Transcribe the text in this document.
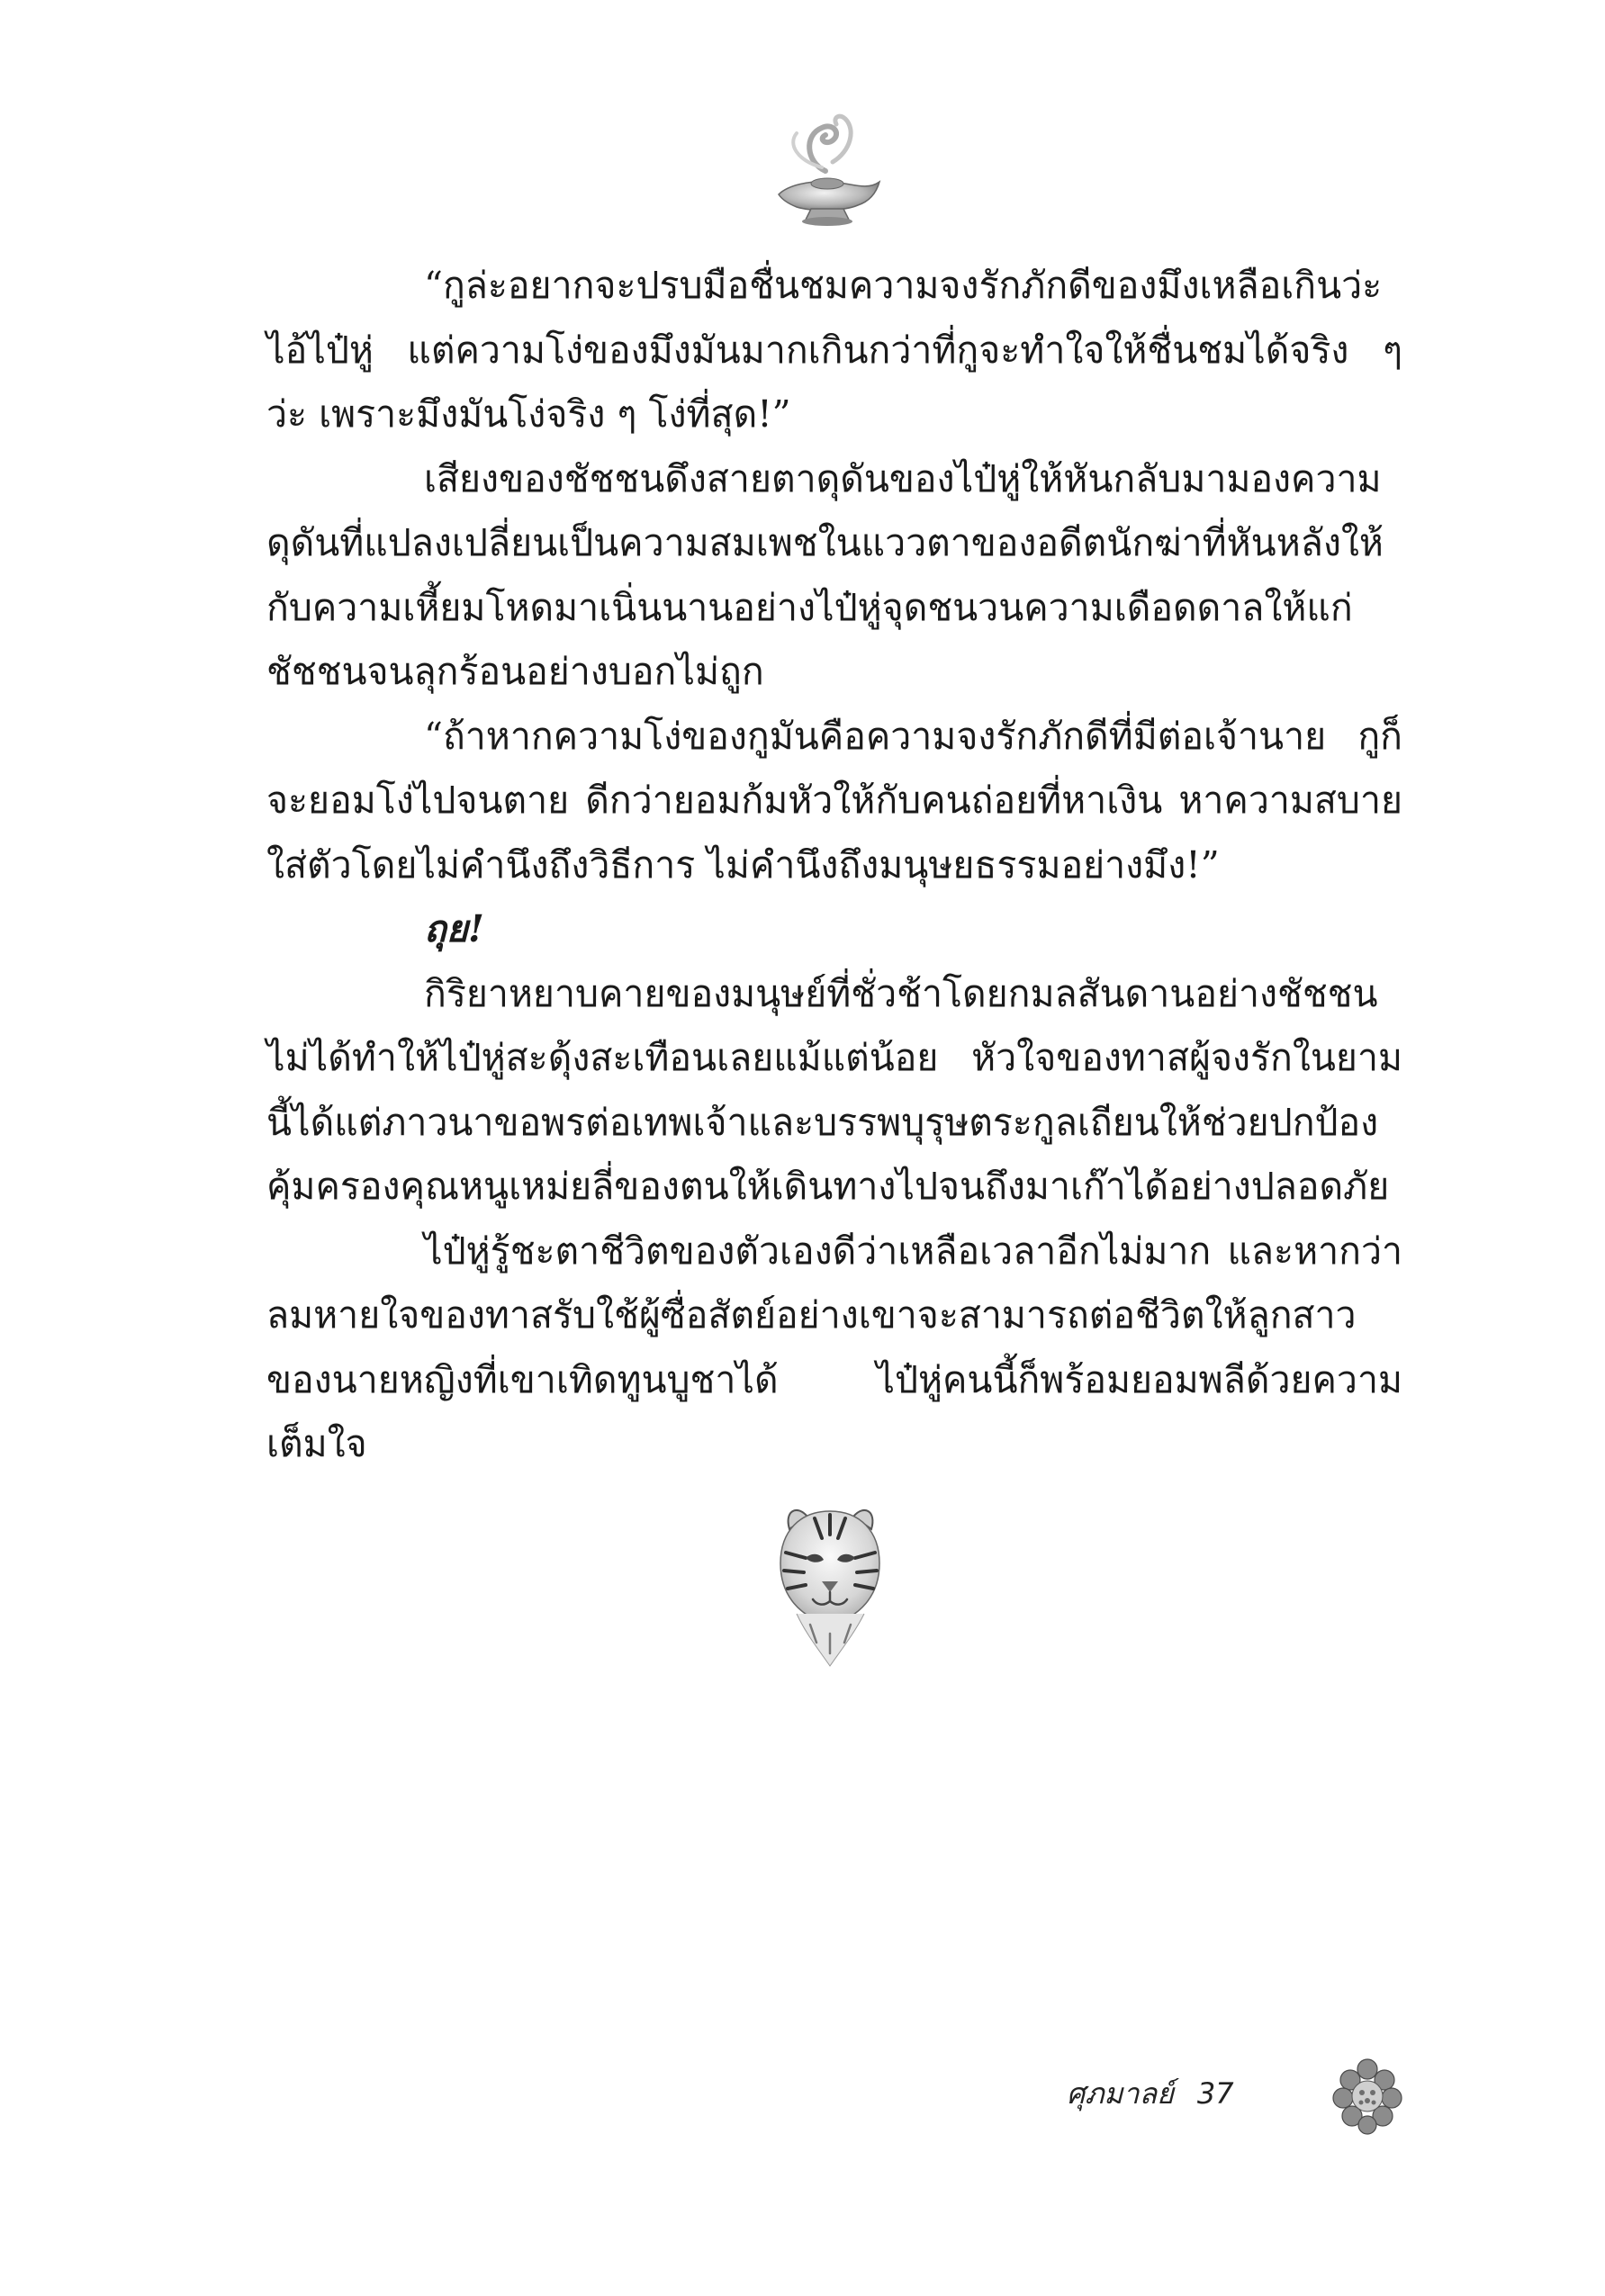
“กูล่ะอยากจะปรบมือชื่นชมความจงรักภักดีของมึงเหลือเกินว่ะไอ้ไป๋หู่ แต่ความโง่ของมึงมันมากเกินกว่าที่กูจะทำใจให้ชื่นชมได้จริง ๆ ว่ะ เพราะมึงมันโง่จริง ๆ โง่ที่สุด!”

เสียงของชัชชนดึงสายตาดุดันของไป๋หู่ให้หันกลับมามองความดุดันที่แปลงเปลี่ยนเป็นความสมเพชในแววตาของอดีตนักฆ่าที่หันหลังให้กับความเหี้ยมโหดมาเนิ่นนานอย่างไป๋หู่จุดชนวนความเดือดดาลให้แก่ชัชชนจนลุกร้อนอย่างบอกไม่ถูก

“ถ้าหากความโง่ของกูมันคือความจงรักภักดีที่มีต่อเจ้านาย กูก็จะยอมโง่ไปจนตาย ดีกว่ายอมก้มหัวให้กับคนถ่อยที่หาเงิน หาความสบายใส่ตัวโดยไม่คำนึงถึงวิธีการ ไม่คำนึงถึงมนุษยธรรมอย่างมึง!”

ถุย!

กิริยาหยาบคายของมนุษย์ที่ชั่วช้าโดยกมลสันดานอย่างชัชชนไม่ได้ทำให้ไป๋หู่สะดุ้งสะเทือนเลยแม้แต่น้อย หัวใจของทาสผู้จงรักในยามนี้ได้แต่ภาวนาขอพรต่อเทพเจ้าและบรรพบุรุษตระกูลเถียนให้ช่วยปกป้องคุ้มครองคุณหนูเหม่ยลี่ของตนให้เดินทางไปจนถึงมาเก๊าได้อย่างปลอดภัย

ไป๋หู่รู้ชะตาชีวิตของตัวเองดีว่าเหลือเวลาอีกไม่มาก และหากว่าลมหายใจของทาสรับใช้ผู้ซื่อสัตย์อย่างเขาจะสามารถต่อชีวิตให้ลูกสาวของนายหญิงที่เขาเทิดทูนบูชาได้ ไป๋หู่คนนี้ก็พร้อมยอมพลีด้วยความเต็มใจ

ศุภมาลย์ 37
